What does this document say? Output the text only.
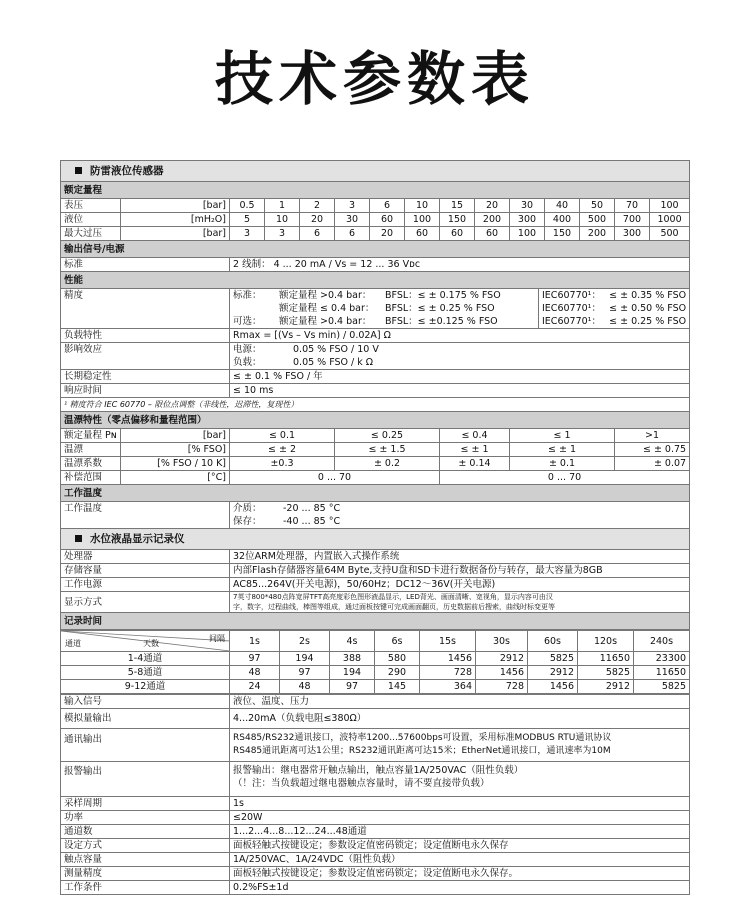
技术参数表
防雷液位传感器
额定量程
表压	[bar]	0.5	1	2	3	6	10	15	20	30	40	50	70	100
液位	[mH₂O]	5	10	20	30	60	100	150	200	300	400	500	700	1000
最大过压	[bar]	3	3	6	6	20	60	60	60	100	150	200	300	500
输出信号/电源
标准	2 线制： 4 ... 20 mA / Vs = 12 ... 36 Vᴅᴄ
性能
精度		标准：	额定量程 >0.4 bar：	BFSL：≤ ± 0.175 % FSO	IEC60770¹：	≤ ± 0.35 % FSO
	额定量程 ≤ 0.4 bar：	BFSL：≤ ± 0.25 % FSO	IEC60770¹：	≤ ± 0.50 % FSO
可选：	额定量程 >0.4 bar：	BFSL：≤ ±0.125 % FSO	IEC60770¹：	≤ ± 0.25 % FSO

负载特性	Rmax = [(Vs – Vs min) / 0.02A] Ω
影响效应	电源：	0.05 % FSO / 10 V
负载：	0.05 % FSO / k Ω

长期稳定性	≤ ± 0.1 % FSO / 年
响应时间	≤ 10 ms
¹ 精度符合 IEC 60770 – 限位点调整（非线性，迟滞性，复现性）
温漂特性（零点偏移和量程范围）
额定量程 Pɴ	[bar]	≤ 0.1	≤ 0.25	≤ 0.4	≤ 1	>1
温漂	[% FSO]	≤ ± 2	≤ ± 1.5	≤ ± 1	≤ ± 1	≤ ± 0.75
温漂系数	[% FSO / 10 K]	±0.3	± 0.2	± 0.14	± 0.1	± 0.07
补偿范围	[°C]	0 ... 70	0 ... 70
工作温度
工作温度	介质： -20 ... 85 °C
保存： -40 ... 85 °C

水位液晶显示记录仪
处理器	32位ARM处理器，内置嵌入式操作系统
存储容量	内部Flash存储器容量64M Byte,支持U盘和SD卡进行数据备份与转存，最大容量为8GB
工作电源	AC85...264V(开关电源)，50/60Hz；DC12～36V(开关电源)
显示方式	7英寸800*480点阵宽屏TFT高亮度彩色图形液晶显示，LED背光、画面清晰、宽视角，显示内容可由汉
字，数字，过程曲线，棒图等组成，通过面板按键可完成画面翻页，历史数据前后搜索，曲线时标变更等

记录时间
间隔
通道 天数	1s	2s	4s	6s	15s	30s	60s	120s	240s
1-4通道	97	194	388	580	1456	2912	5825	11650	23300
5-8通道	48	97	194	290	728	1456	2912	5825	11650
9-12通道	24	48	97	145	364	728	1456	2912	5825
输入信号	液位、温度、压力
模拟量输出	4...20mA（负载电阻≤380Ω）
通讯输出	RS485/RS232通讯接口，波特率1200...57600bps可设置，采用标准MODBUS RTU通讯协议
RS485通讯距离可达1公里；RS232通讯距离可达15米；EtherNet通讯接口，通讯速率为10M

报警输出	报警输出：继电器常开触点输出，触点容量1A/250VAC（阻性负载）
（！注：当负载超过继电器触点容量时，请不要直接带负载）

采样周期	1s
功率	≤20W
通道数	1...2...4...8...12...24...48通道
设定方式	面板轻触式按键设定；参数设定值密码锁定；设定值断电永久保存
触点容量	1A/250VAC、1A/24VDC（阻性负载）
测量精度	面板轻触式按键设定；参数设定值密码锁定；设定值断电永久保存。
工作条件	0.2%FS±1d
